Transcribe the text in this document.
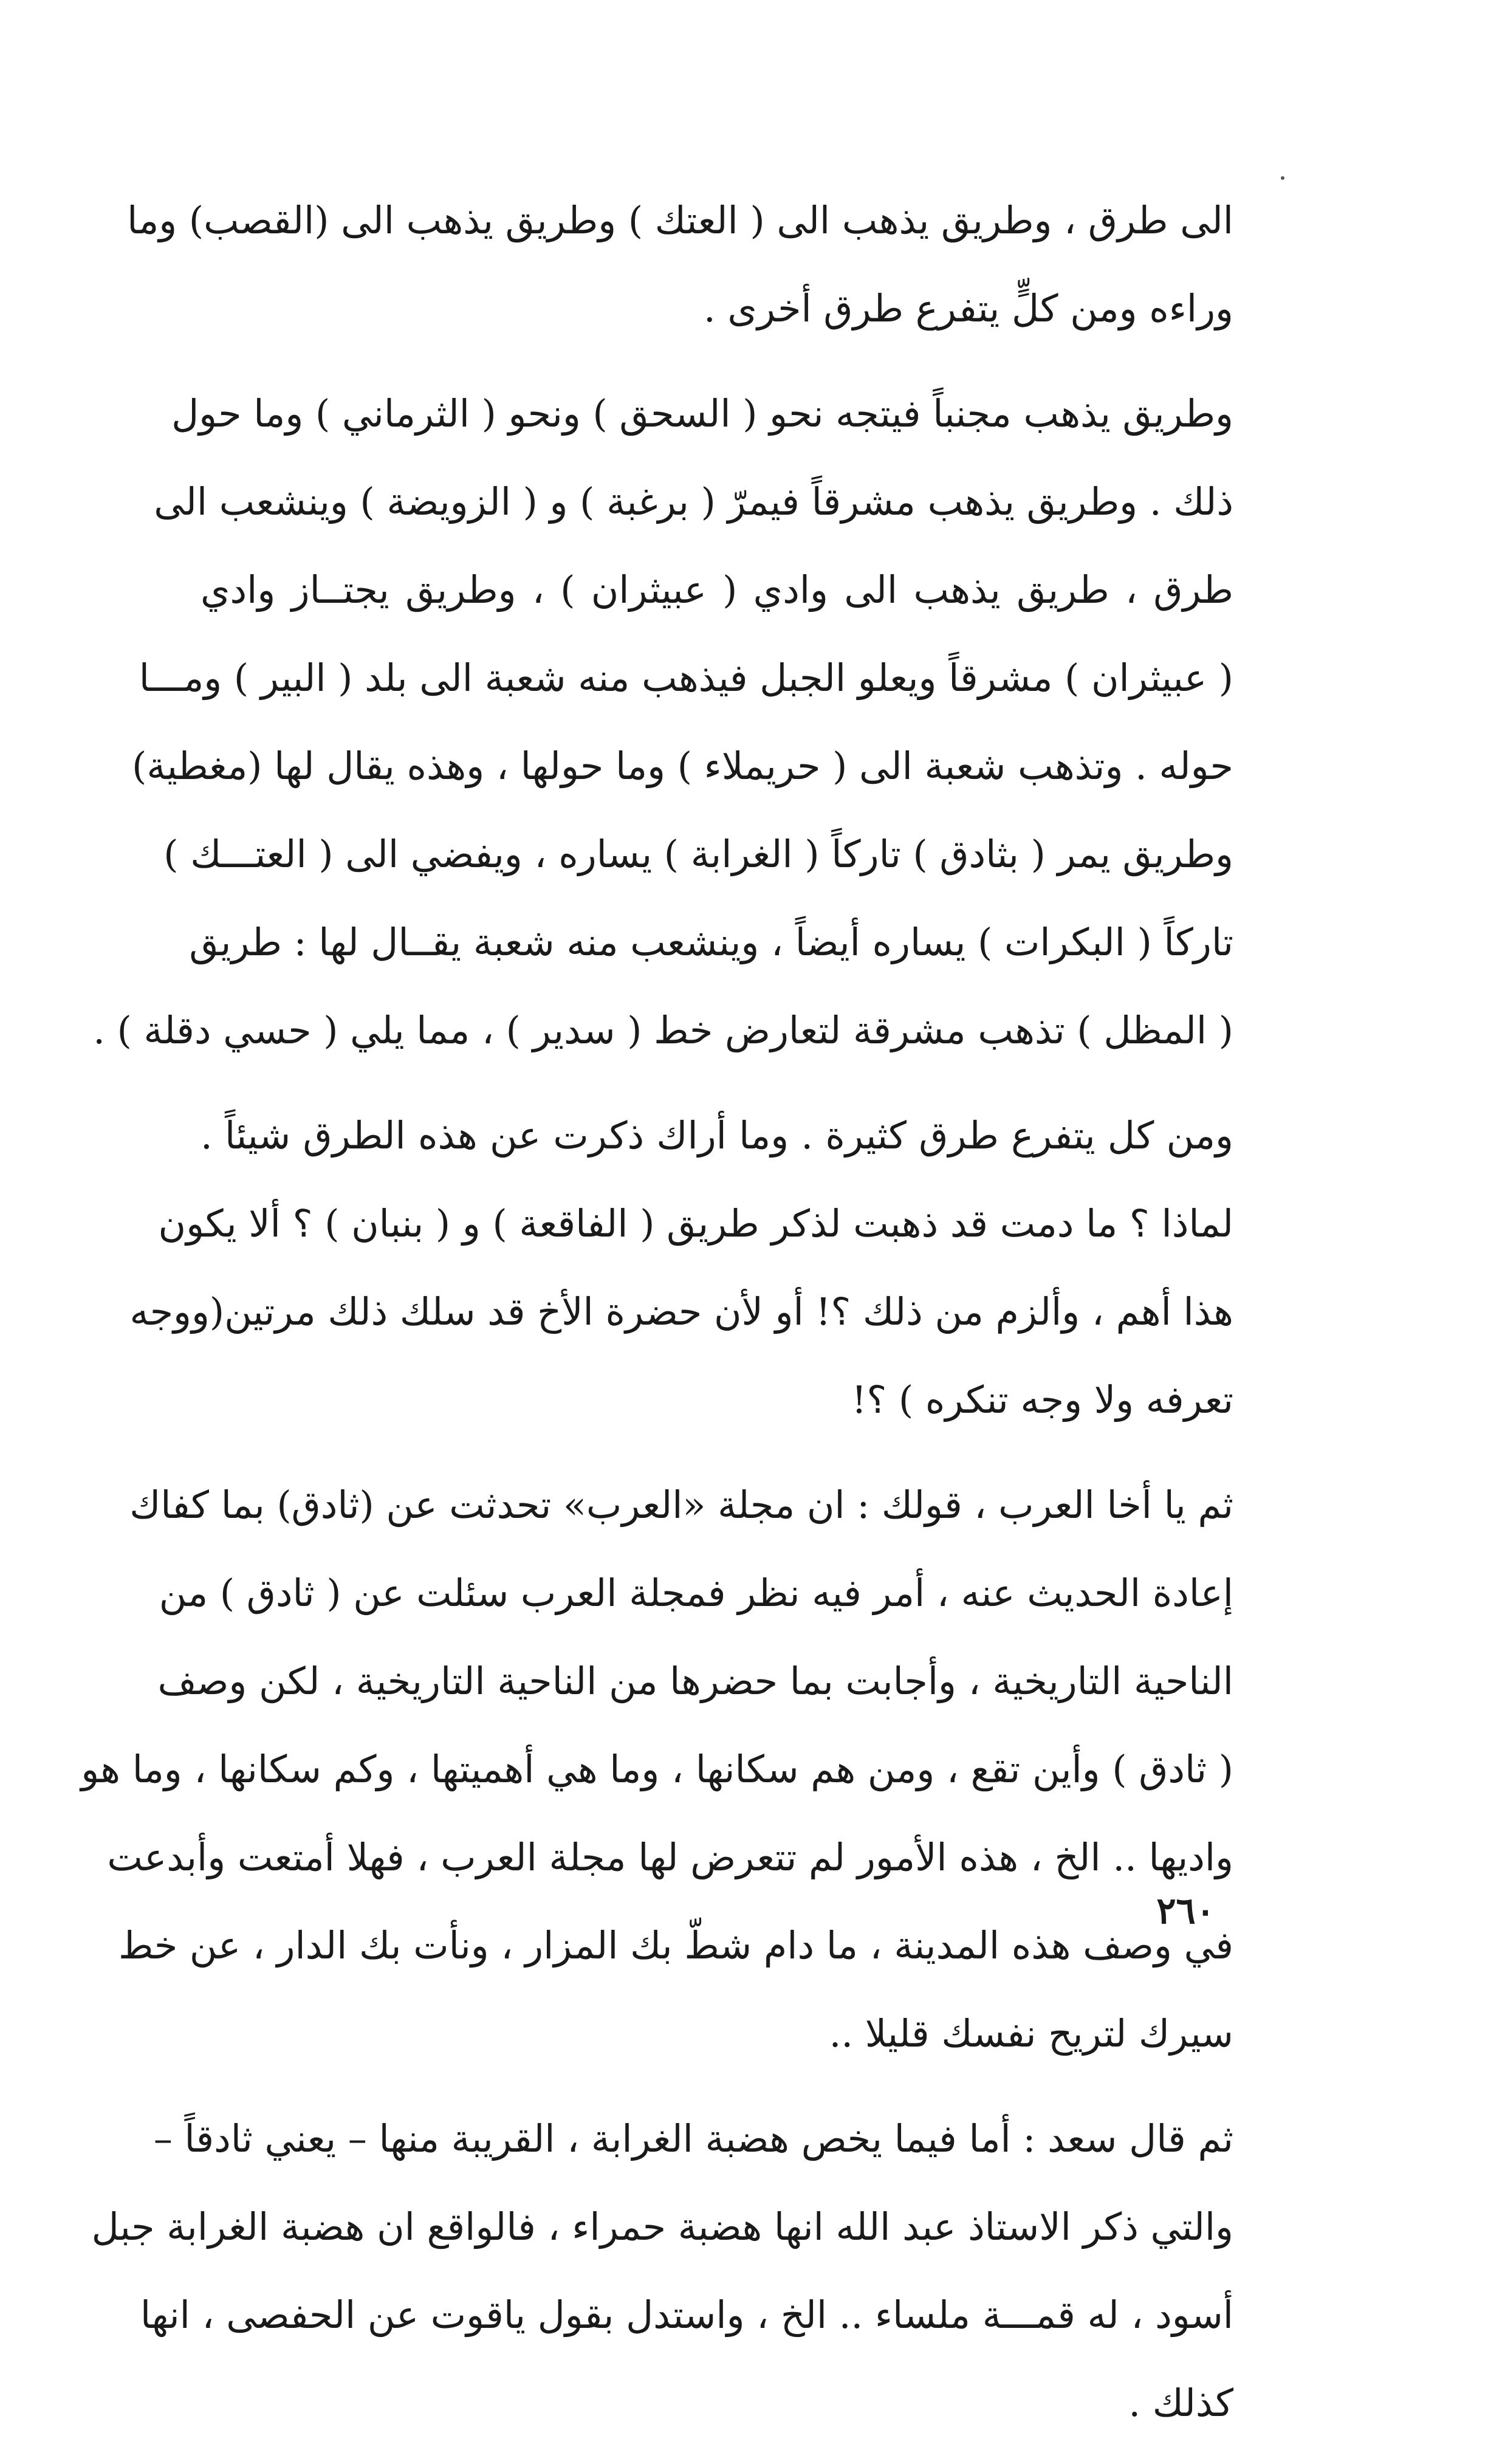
الى طرق ، وطريق يذهب الى ( العتك ) وطريق يذهب الى (القصب) وما
وراءه ومن كلٍّ يتفرع طرق أخرى .
وطريق يذهب مجنباً فيتجه نحو ( السحق ) ونحو ( الثرماني ) وما حول
ذلك . وطريق يذهب مشرقاً فيمرّ ( برغبة ) و ( الزويضة ) وينشعب الى
طرق ، طريق يذهب الى وادي ( عبيثران ) ، وطريق يجتــاز وادي
( عبيثران ) مشرقاً ويعلو الجبل فيذهب منه شعبة الى بلد ( البير ) ومـــا
حوله . وتذهب شعبة الى ( حريملاء ) وما حولها ، وهذه يقال لها (مغطية)
وطريق يمر ( بثادق ) تاركاً ( الغرابة ) يساره ، ويفضي الى ( العتـــك )
تاركاً ( البكرات ) يساره أيضاً ، وينشعب منه شعبة يقــال لها : طريق
( المظل ) تذهب مشرقة لتعارض خط ( سدير ) ، مما يلي ( حسي دقلة ) .
ومن كل يتفرع طرق كثيرة . وما أراك ذكرت عن هذه الطرق شيئاً .
لماذا ؟ ما دمت قد ذهبت لذكر طريق ( الفاقعة ) و ( بنبان ) ؟ ألا يكون
هذا أهم ، وألزم من ذلك ؟! أو لأن حضرة الأخ قد سلك ذلك مرتين(ووجه
تعرفه ولا وجه تنكره ) ؟!
ثم يا أخا العرب ، قولك : ان مجلة «العرب» تحدثت عن (ثادق) بما كفاك
إعادة الحديث عنه ، أمر فيه نظر فمجلة العرب سئلت عن ( ثادق ) من
الناحية التاريخية ، وأجابت بما حضرها من الناحية التاريخية ، لكن وصف
( ثادق ) وأين تقع ، ومن هم سكانها ، وما هي أهميتها ، وكم سكانها ، وما هو
واديها .. الخ ، هذه الأمور لم تتعرض لها مجلة العرب ، فهلا أمتعت وأبدعت
في وصف هذه المدينة ، ما دام شطّ بك المزار ، ونأت بك الدار ، عن خط
سيرك لتريح نفسك قليلا ..
ثم قال سعد : أما فيما يخص هضبة الغرابة ، القريبة منها – يعني ثادقاً –
والتي ذكر الاستاذ عبد الله انها هضبة حمراء ، فالواقع ان هضبة الغرابة جبل
أسود ، له قمـــة ملساء .. الخ ، واستدل بقول ياقوت عن الحفصى ، انها
كذلك .
٢٦٠
